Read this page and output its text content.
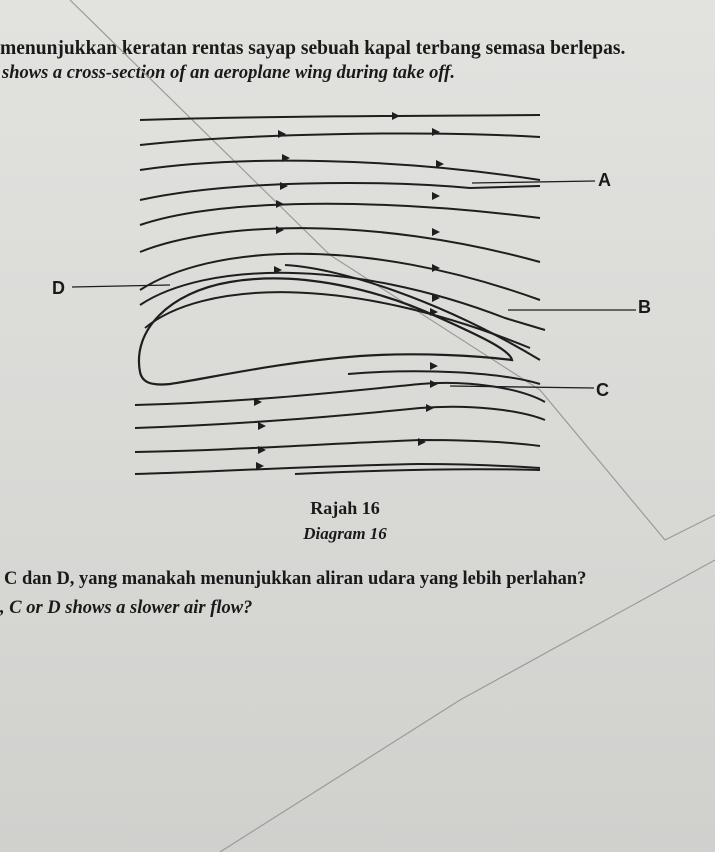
menunjukkan keratan rentas sayap sebuah kapal terbang semasa berlepas.
shows a cross-section of an aeroplane wing during take off.
A
B
C
D
Rajah 16
Diagram 16
C dan D, yang manakah menunjukkan aliran udara yang lebih perlahan?
, C or D shows a slower air flow?
